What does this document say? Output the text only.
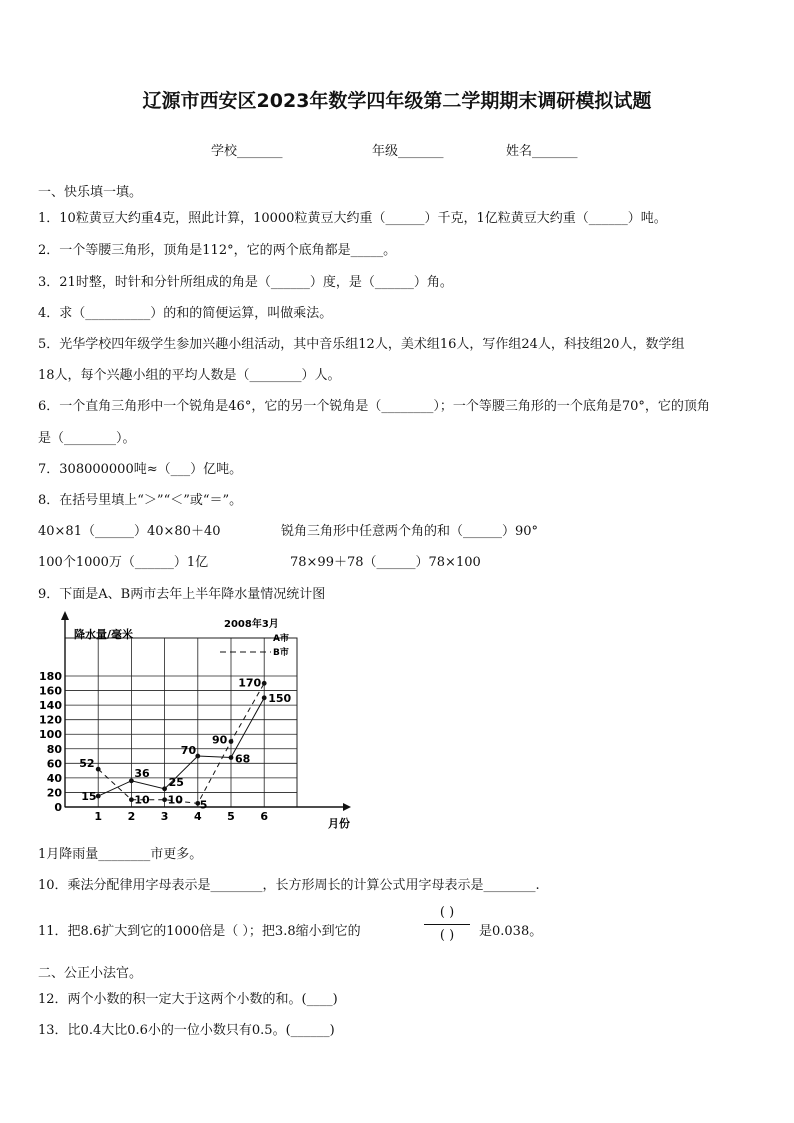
辽源市西安区2023年数学四年级第二学期期末调研模拟试题
学校_______	年级_______	姓名_______
一、快乐填一填。
1．10粒黄豆大约重4克，照此计算，10000粒黄豆大约重（______）千克，1亿粒黄豆大约重（______）吨。
2．一个等腰三角形，顶角是112°，它的两个底角都是_____。
3．21时整，时针和分针所组成的角是（______）度，是（______）角。
4．求（__________）的和的简便运算，叫做乘法。
5．光华学校四年级学生参加兴趣小组活动，其中音乐组12人，美术组16人，写作组24人，科技组20人，数学组
18人，每个兴趣小组的平均人数是（________）人。
6．一个直角三角形中一个锐角是46°，它的另一个锐角是（________）；一个等腰三角形的一个底角是70°，它的顶角
是（________）。
7．308000000吨≈（___）亿吨。
8．在括号里填上“＞”“＜”或“＝”。
40×81（______）40×80＋40	锐角三角形中任意两个角的和（______）90°
100个1000万（______）1亿	78×99＋78（______）78×100
9．下面是A、B两市去年上半年降水量情况统计图
0
20
40
60
80
100
120
140
160
180
1 2 3 4 5 6
月份
降水量/毫米
2008年3月
A市
B市
15
36
25
70
68
150
52
10 10 5
90
170
1月降雨量________市更多。
10．乘法分配律用字母表示是________，长方形周长的计算公式用字母表示是________.
11．把8.6扩大到它的1000倍是（ ）；把3.8缩小到它的
( )
( )	是0.038。
二、公正小法官。
12．两个小数的积一定大于这两个小数的和。(____)
13．比0.4大比0.6小的一位小数只有0.5。(______)
